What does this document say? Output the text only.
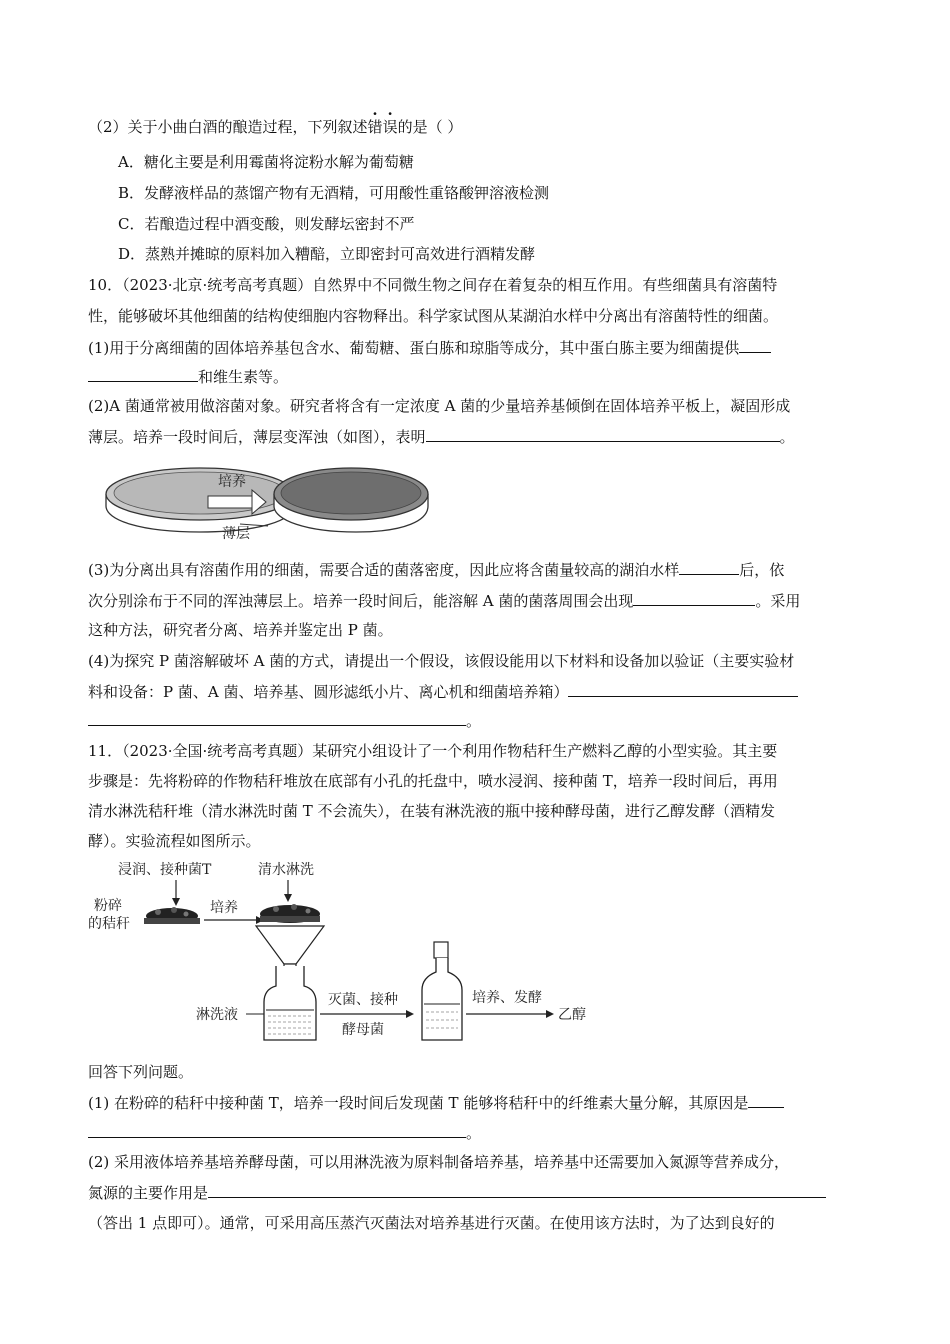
（2）关于小曲白酒的酿造过程，下列叙述错误的是（ ）
A．糖化主要是利用霉菌将淀粉水解为葡萄糖
B．发酵液样品的蒸馏产物有无酒精，可用酸性重铬酸钾溶液检测
C．若酿造过程中酒变酸，则发酵坛密封不严
D．蒸熟并摊晾的原料加入糟醅，立即密封可高效进行酒精发酵
10．（2023·北京·统考高考真题）自然界中不同微生物之间存在着复杂的相互作用。有些细菌具有溶菌特
性，能够破坏其他细菌的结构使细胞内容物释出。科学家试图从某湖泊水样中分离出有溶菌特性的细菌。
(1)用于分离细菌的固体培养基包含水、葡萄糖、蛋白胨和琼脂等成分，其中蛋白胨主要为细菌提供
和维生素等。
(2)A 菌通常被用做溶菌对象。研究者将含有一定浓度 A 菌的少量培养基倾倒在固体培养平板上，凝固形成
薄层。培养一段时间后，薄层变浑浊（如图），表明	。
培养
薄层
(3)为分离出具有溶菌作用的细菌，需要合适的菌落密度，因此应将含菌量较高的湖泊水样	后，依
次分别涂布于不同的浑浊薄层上。培养一段时间后，能溶解 A 菌的菌落周围会出现	。采用
这种方法，研究者分离、培养并鉴定出 P 菌。
(4)为探究 P 菌溶解破坏 A 菌的方式，请提出一个假设，该假设能用以下材料和设备加以验证（主要实验材
料和设备：P 菌、A 菌、培养基、圆形滤纸小片、离心机和细菌培养箱）
。
11．（2023·全国·统考高考真题）某研究小组设计了一个利用作物秸秆生产燃料乙醇的小型实验。其主要
步骤是：先将粉碎的作物秸秆堆放在底部有小孔的托盘中，喷水浸润、接种菌 T，培养一段时间后，再用
清水淋洗秸秆堆（清水淋洗时菌 T 不会流失），在装有淋洗液的瓶中接种酵母菌，进行乙醇发酵（酒精发
酵）。实验流程如图所示。
浸润、接种菌T	清水淋洗
粉碎
的秸秆
培养
淋洗液
灭菌、接种
酵母菌
培养、发酵
乙醇
回答下列问题。
(1) 在粉碎的秸秆中接种菌 T，培养一段时间后发现菌 T 能够将秸秆中的纤维素大量分解，其原因是
。
(2) 采用液体培养基培养酵母菌，可以用淋洗液为原料制备培养基，培养基中还需要加入氮源等营养成分，
氮源的主要作用是
（答出 1 点即可）。通常，可采用高压蒸汽灭菌法对培养基进行灭菌。在使用该方法时，为了达到良好的
